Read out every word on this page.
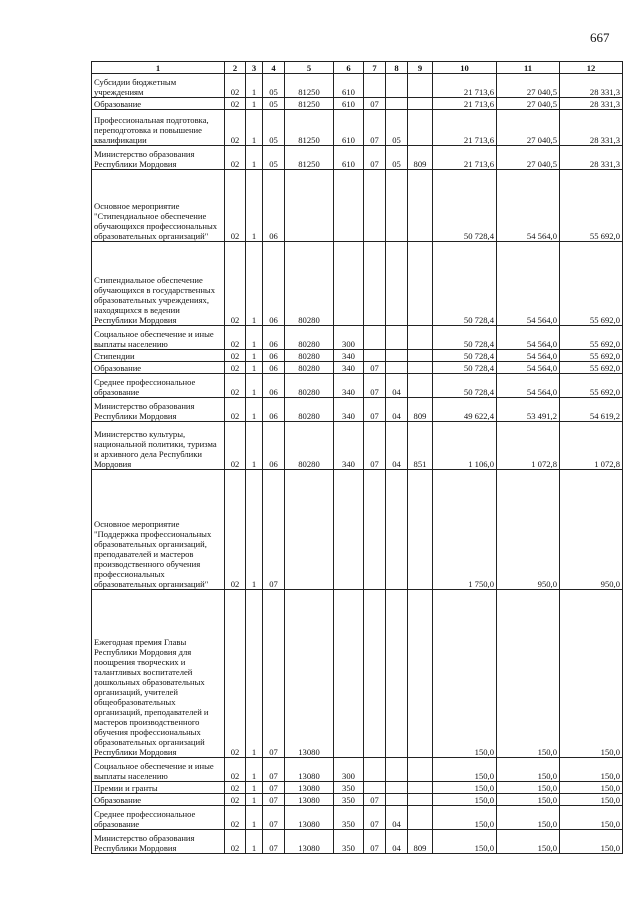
667
1	2	3	4	5	6	7	8	9	10	11	12
Субсидии бюджетным учреждениям	02	1	05	81250	610				21 713,6	27 040,5	28 331,3
Образование	02	1	05	81250	610	07			21 713,6	27 040,5	28 331,3
Профессиональная подготовка, переподготовка и повышение квалификации	02	1	05	81250	610	07	05		21 713,6	27 040,5	28 331,3
Министерство образования Республики Мордовия	02	1	05	81250	610	07	05	809	21 713,6	27 040,5	28 331,3
Основное мероприятие "Стипендиальное обеспечение обучающихся профессиональных образовательных организаций"	02	1	06						50 728,4	54 564,0	55 692,0
Стипендиальное обеспечение обучающихся в государственных образовательных учреждениях, находящихся в ведении Республики Мордовия	02	1	06	80280					50 728,4	54 564,0	55 692,0
Социальное обеспечение и иные выплаты населению	02	1	06	80280	300				50 728,4	54 564,0	55 692,0
Стипендии	02	1	06	80280	340				50 728,4	54 564,0	55 692,0
Образование	02	1	06	80280	340	07			50 728,4	54 564,0	55 692,0
Среднее профессиональное образование	02	1	06	80280	340	07	04		50 728,4	54 564,0	55 692,0
Министерство образования Республики Мордовия	02	1	06	80280	340	07	04	809	49 622,4	53 491,2	54 619,2
Министерство культуры, национальной политики, туризма и архивного дела Республики Мордовия	02	1	06	80280	340	07	04	851	1 106,0	1 072,8	1 072,8
Основное мероприятие "Поддержка профессиональных образовательных организаций, преподавателей и мастеров производственного обучения профессиональных образовательных организаций"	02	1	07						1 750,0	950,0	950,0
Ежегодная премия Главы Республики Мордовия для поощрения творческих и талантливых воспитателей дошкольных образовательных организаций, учителей общеобразовательных организаций, преподавателей и мастеров производственного обучения профессиональных образовательных организаций Республики Мордовия	02	1	07	13080					150,0	150,0	150,0
Социальное обеспечение и иные выплаты населению	02	1	07	13080	300				150,0	150,0	150,0
Премии и гранты	02	1	07	13080	350				150,0	150,0	150,0
Образование	02	1	07	13080	350	07			150,0	150,0	150,0
Среднее профессиональное образование	02	1	07	13080	350	07	04		150,0	150,0	150,0
Министерство образования Республики Мордовия	02	1	07	13080	350	07	04	809	150,0	150,0	150,0
